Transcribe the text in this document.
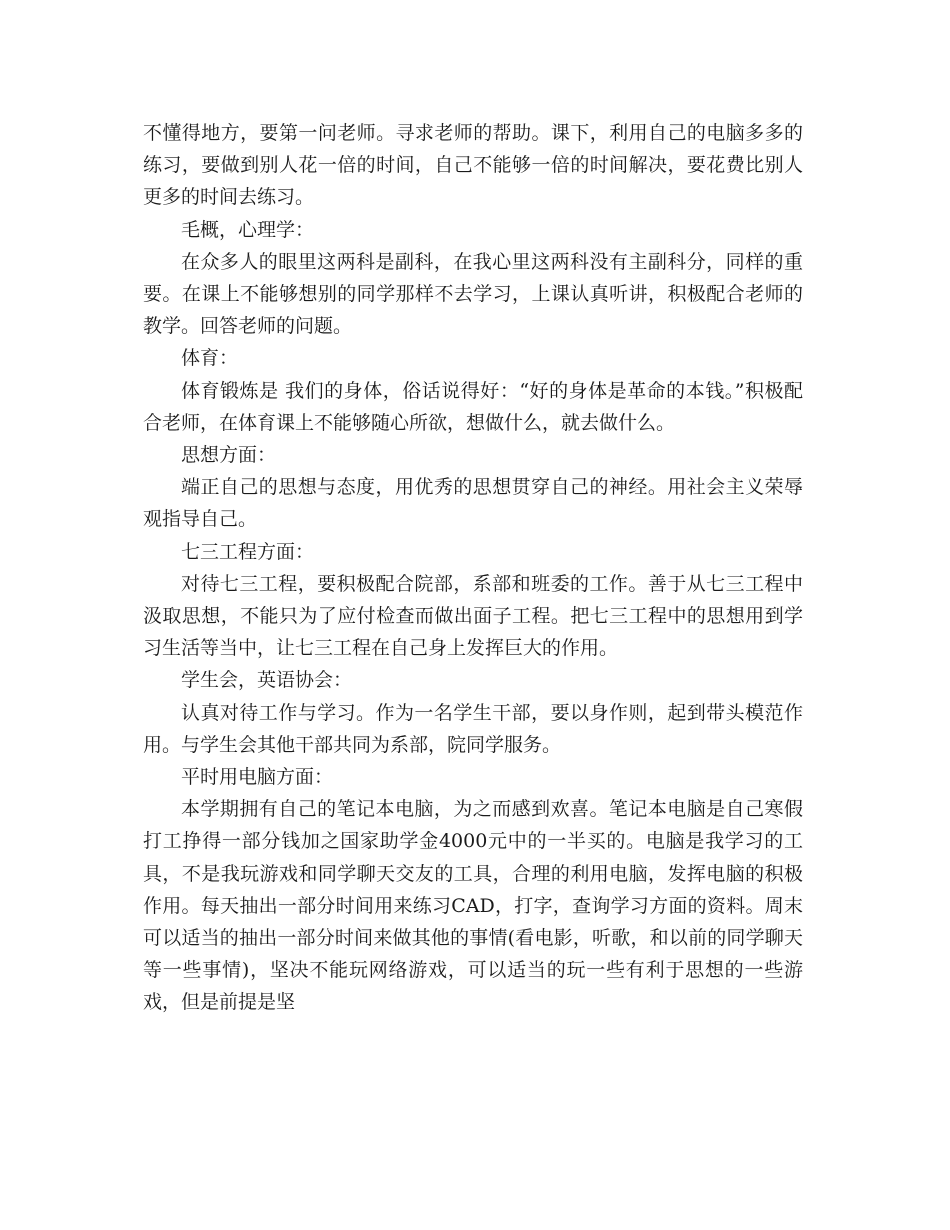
不懂得地方，要第一问老师。寻求老师的帮助。课下，利用自己的电脑多多的练习，要做到别人花一倍的时间，自己不能够一倍的时间解决，要花费比别人更多的时间去练习。

毛概，心理学：

在众多人的眼里这两科是副科，在我心里这两科没有主副科分，同样的重要。在课上不能够想别的同学那样不去学习，上课认真听讲，积极配合老师的教学。回答老师的问题。

体育：

体育锻炼是 我们的身体，俗话说得好：“好的身体是革命的本钱。”积极配合老师，在体育课上不能够随心所欲，想做什么，就去做什么。

思想方面：

端正自己的思想与态度，用优秀的思想贯穿自己的神经。用社会主义荣辱观指导自己。

七三工程方面：

对待七三工程，要积极配合院部，系部和班委的工作。善于从七三工程中汲取思想，不能只为了应付检查而做出面子工程。把七三工程中的思想用到学习生活等当中，让七三工程在自己身上发挥巨大的作用。

学生会，英语协会：

认真对待工作与学习。作为一名学生干部，要以身作则，起到带头模范作用。与学生会其他干部共同为系部，院同学服务。

平时用电脑方面：

本学期拥有自己的笔记本电脑，为之而感到欢喜。笔记本电脑是自己寒假打工挣得一部分钱加之国家助学金4000元中的一半买的。电脑是我学习的工具，不是我玩游戏和同学聊天交友的工具，合理的利用电脑，发挥电脑的积极作用。每天抽出一部分时间用来练习CAD，打字，查询学习方面的资料。周末可以适当的抽出一部分时间来做其他的事情(看电影，听歌，和以前的同学聊天等一些事情)，坚决不能玩网络游戏，可以适当的玩一些有利于思想的一些游戏，但是前提是坚
